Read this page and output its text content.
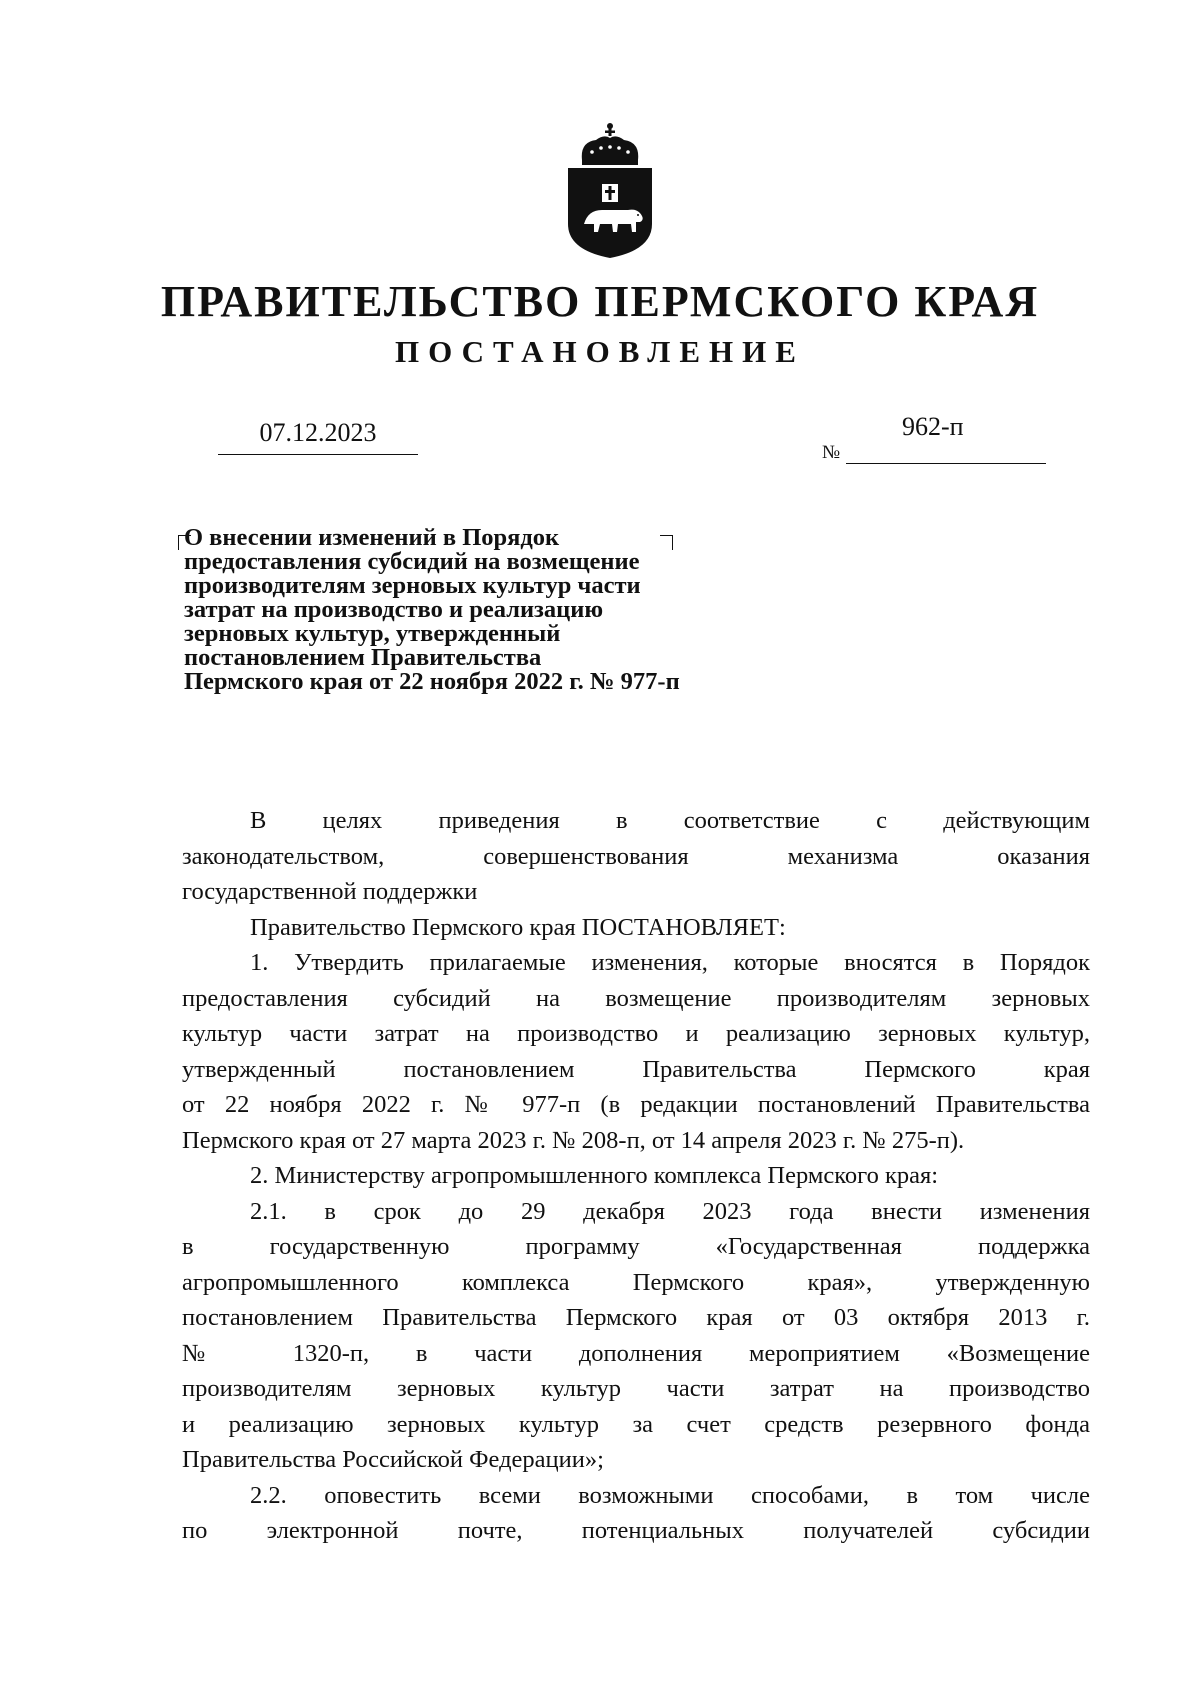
ПРАВИТЕЛЬСТВО ПЕРМСКОГО КРАЯ
ПОСТАНОВЛЕНИЕ
07.12.2023
№
962-п
О внесении изменений в Порядок
предоставления субсидий на возмещение
производителям зерновых культур части
затрат на производство и реализацию
зерновых культур, утвержденный
постановлением Правительства
Пермского края от 22 ноября 2022 г. № 977-п
В целях приведения в соответствие с действующим
законодательством, совершенствования механизма оказания
государственной поддержки
Правительство Пермского края ПОСТАНОВЛЯЕТ:
1. Утвердить прилагаемые изменения, которые вносятся в Порядок
предоставления субсидий на возмещение производителям зерновых
культур части затрат на производство и реализацию зерновых культур,
утвержденный постановлением Правительства Пермского края
от 22 ноября 2022 г. № 977-п (в редакции постановлений Правительства
Пермского края от 27 марта 2023 г. № 208-п, от 14 апреля 2023 г. № 275-п).
2. Министерству агропромышленного комплекса Пермского края:
2.1. в срок до 29 декабря 2023 года внести изменения
в государственную программу «Государственная поддержка
агропромышленного комплекса Пермского края», утвержденную
постановлением Правительства Пермского края от 03 октября 2013 г.
№ 1320-п, в части дополнения мероприятием «Возмещение
производителям зерновых культур части затрат на производство
и реализацию зерновых культур за счет средств резервного фонда
Правительства Российской Федерации»;
2.2. оповестить всеми возможными способами, в том числе
по электронной почте, потенциальных получателей субсидии
